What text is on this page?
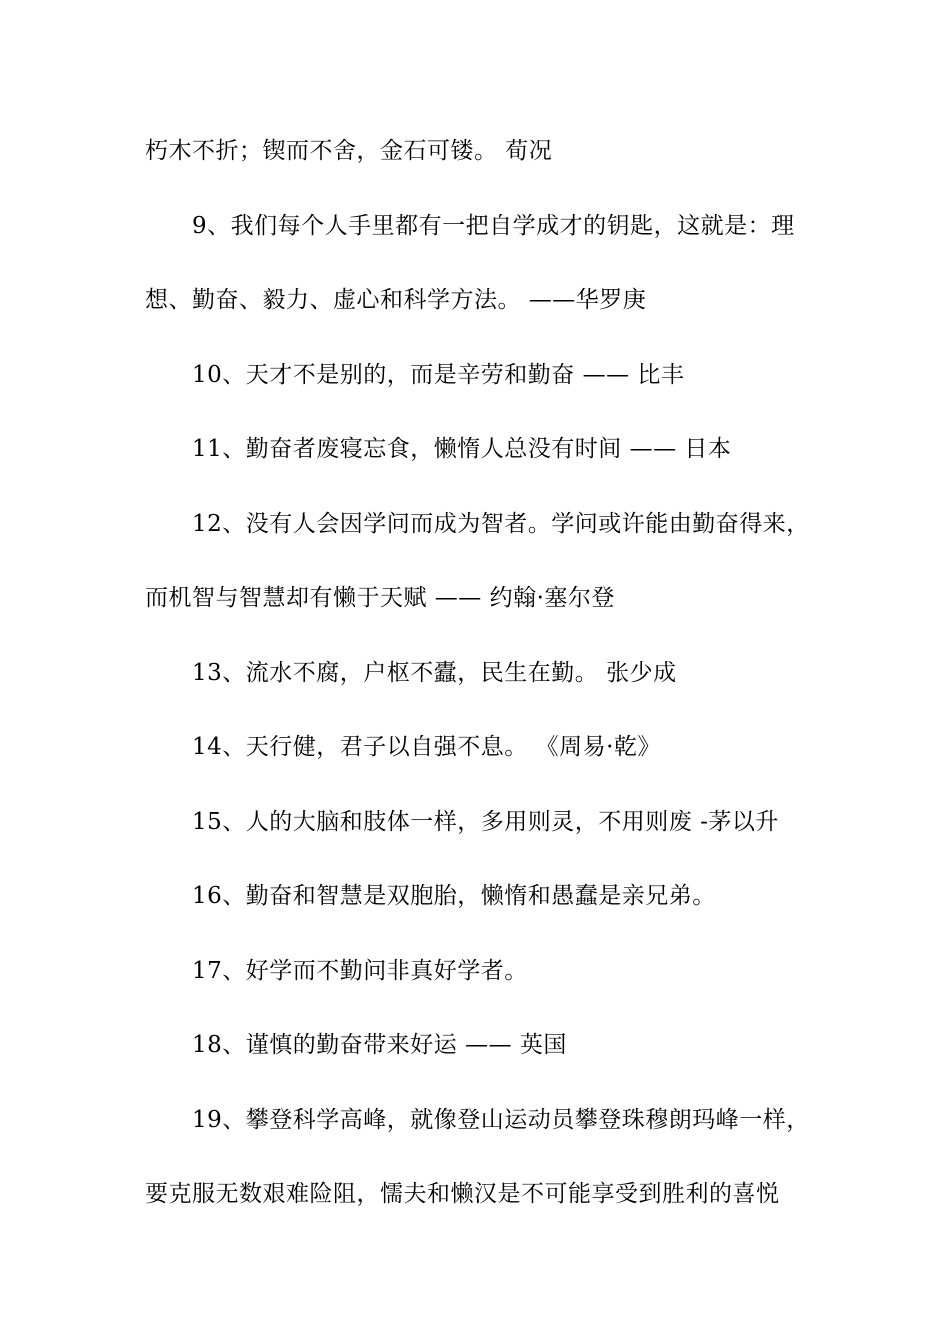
朽木不折；锲而不舍，金石可镂。 荀况
9、我们每个人手里都有一把自学成才的钥匙，这就是：理
想、勤奋、毅力、虚心和科学方法。 ——华罗庚
10、天才不是别的，而是辛劳和勤奋 —— 比丰
11、勤奋者废寝忘食，懒惰人总没有时间 —— 日本
12、没有人会因学问而成为智者。学问或许能由勤奋得来，
而机智与智慧却有懒于天赋 —— 约翰·塞尔登
13、流水不腐，户枢不蠹，民生在勤。 张少成
14、天行健，君子以自强不息。 《周易·乾》
15、人的大脑和肢体一样，多用则灵，不用则废 -茅以升
16、勤奋和智慧是双胞胎，懒惰和愚蠢是亲兄弟。
17、好学而不勤问非真好学者。
18、谨慎的勤奋带来好运 —— 英国
19、攀登科学高峰，就像登山运动员攀登珠穆朗玛峰一样，
要克服无数艰难险阻，懦夫和懒汉是不可能享受到胜利的喜悦
